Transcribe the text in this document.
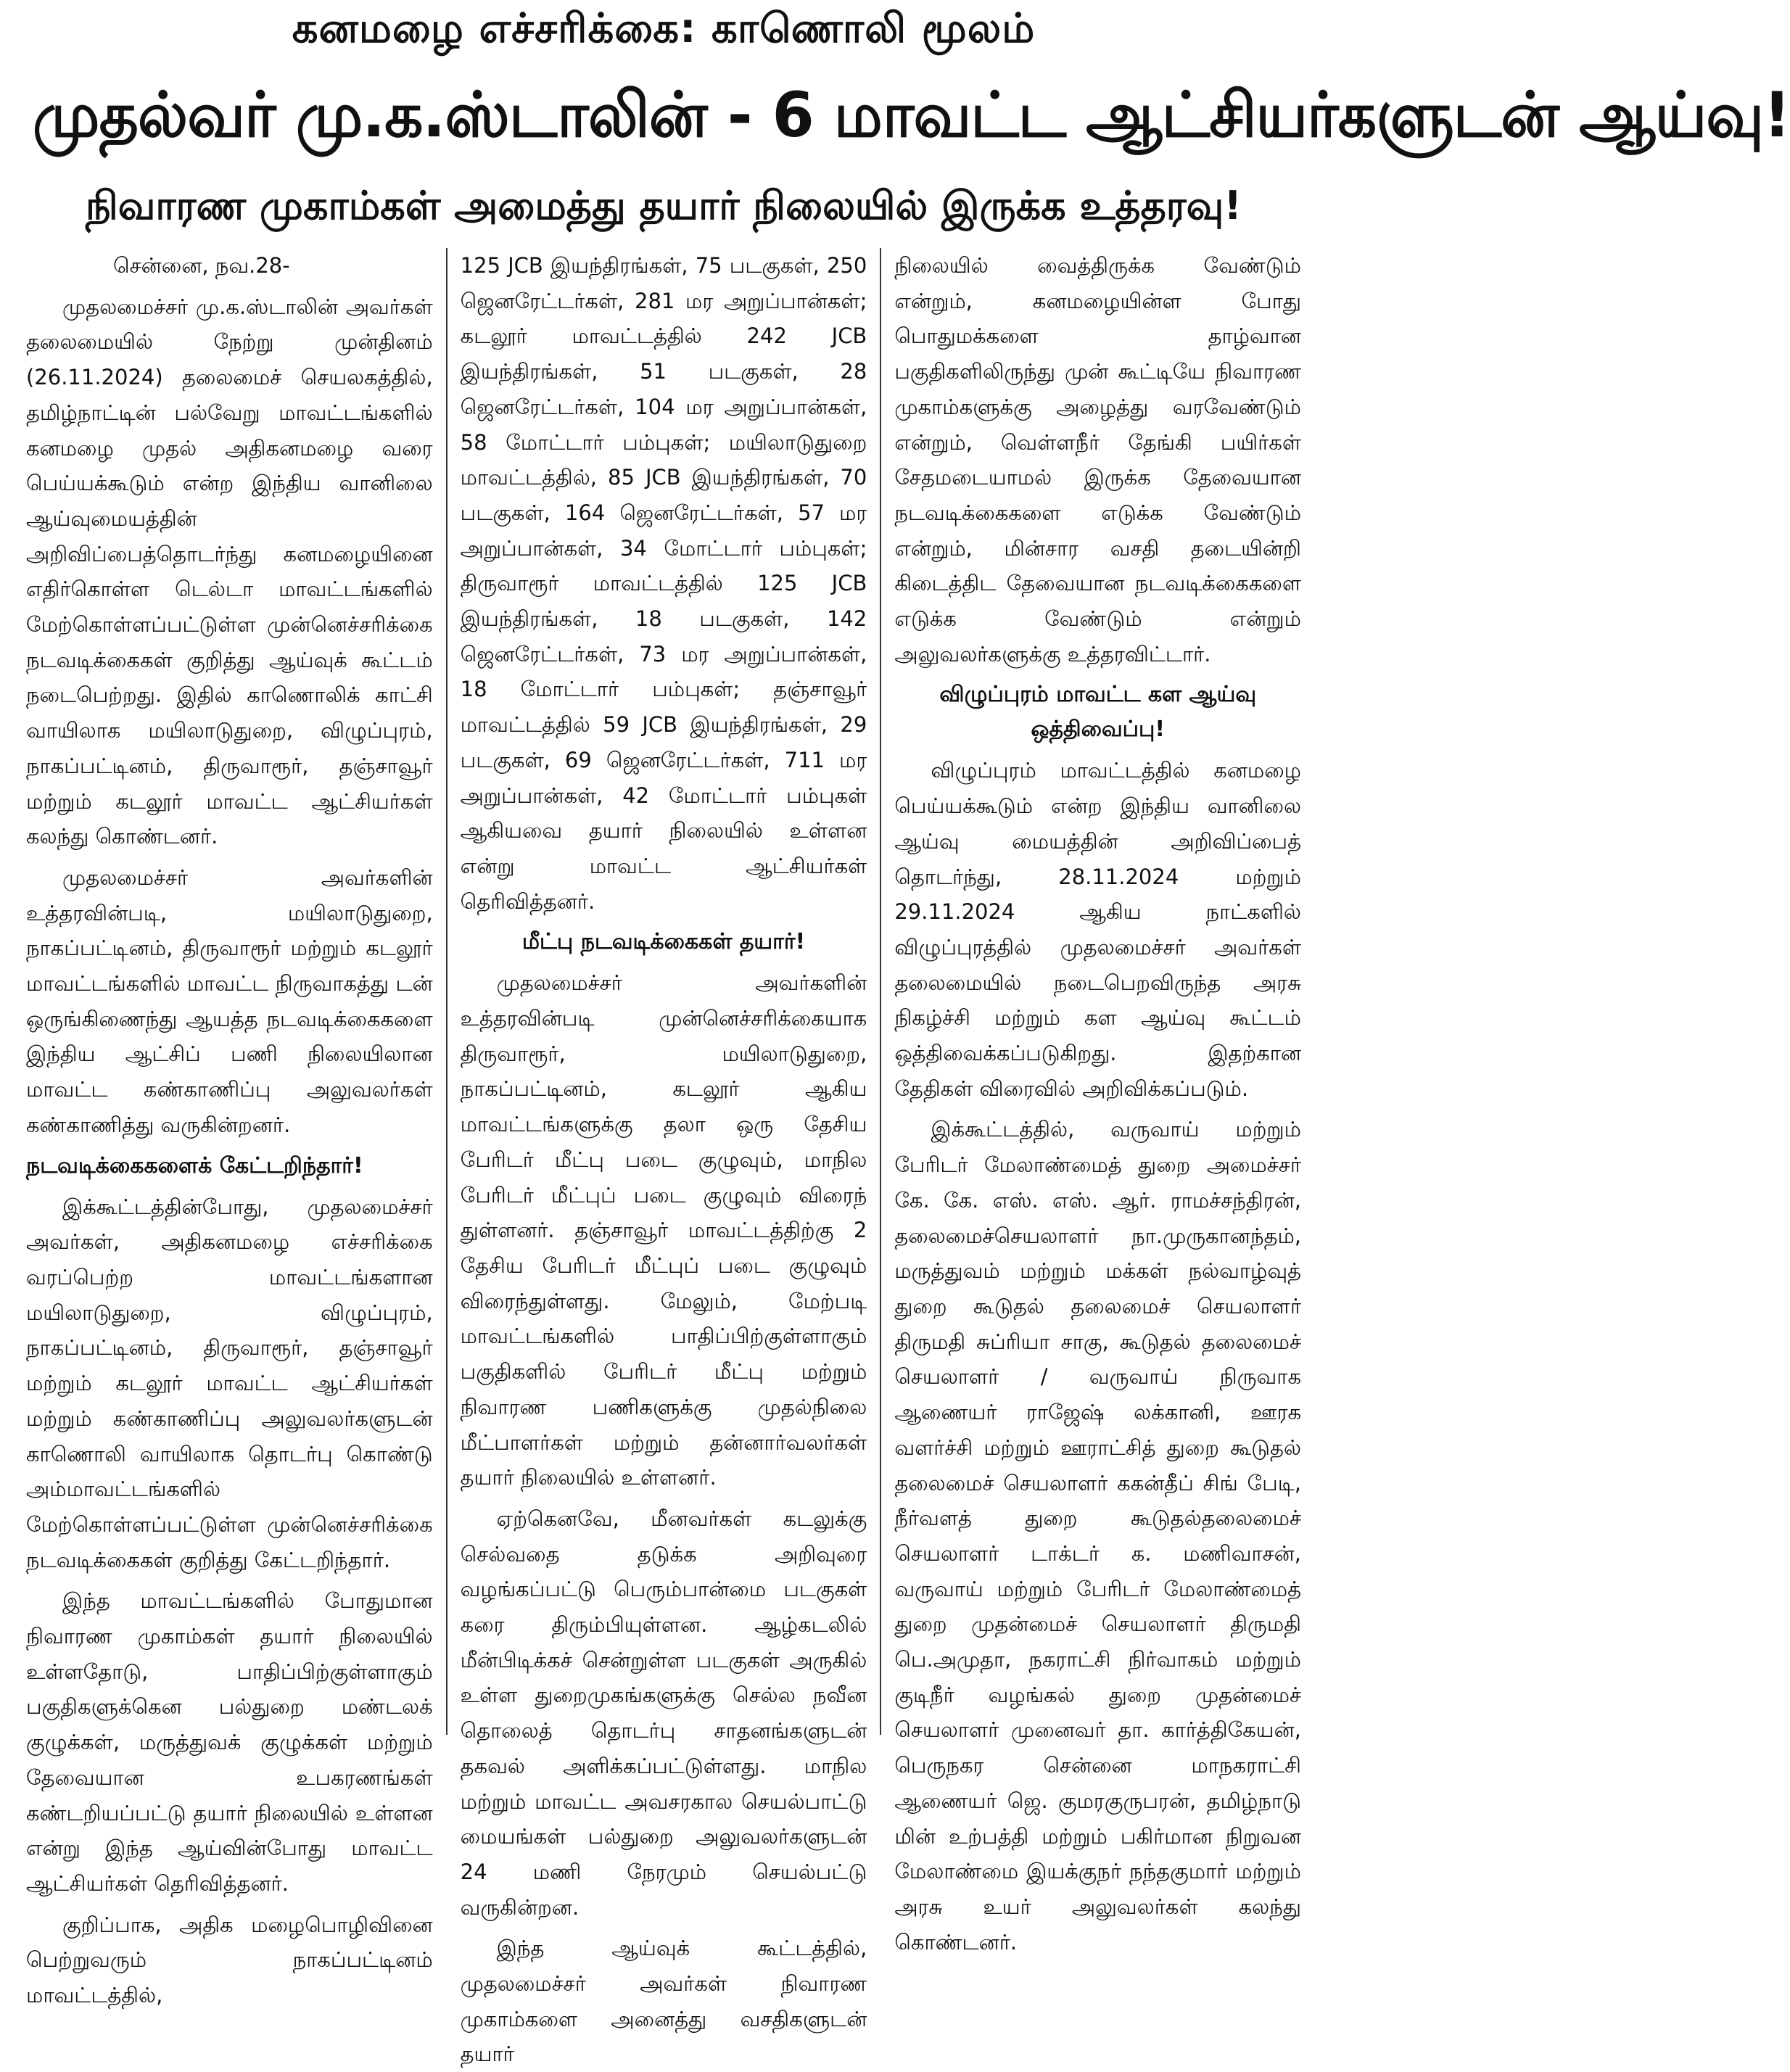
கனமழை எச்சரிக்கை: காணொலி மூலம்
முதல்வர் மு.க.ஸ்டாலின் - 6 மாவட்ட ஆட்சியர்களுடன் ஆய்வு!
நிவாரண முகாம்கள் அமைத்து தயார் நிலையில் இருக்க உத்தரவு!

சென்னை, நவ.28-

முதலமைச்சர் மு.க.ஸ்டாலின் அவர்கள் தலைமையில் நேற்று முன்தினம் (26.11.2024) தலைமைச் செயலகத்தில், தமிழ்நாட்டின் பல்வேறு மாவட்டங்களில் கனமழை முதல் அதிகனமழை வரை பெய்யக்கூடும் என்ற இந்திய வானிலை ஆய்வுமையத்தின் அறிவிப்பைத்தொடர்ந்து கனமழையினை எதிர்கொள்ள டெல்டா மாவட்டங்களில் மேற்கொள்ளப்பட்டுள்ள முன்னெச்சரிக்கை நடவடிக்கைகள் குறித்து ஆய்வுக் கூட்டம் நடைபெற்றது. இதில் காணொலிக் காட்சி வாயிலாக மயிலாடுதுறை, விழுப்புரம், நாகப்பட்டினம், திருவாரூர், தஞ்சாவூர் மற்றும் கடலூர் மாவட்ட ஆட்சியர்கள் கலந்து கொண்டனர்.

முதலமைச்சர் அவர்களின் உத்தரவின்படி, மயிலாடுதுறை, நாகப்பட்டினம், திருவாரூர் மற்றும் கடலூர் மாவட்டங்களில் மாவட்ட நிருவாகத்து டன் ஒருங்கிணைந்து ஆயத்த நடவடிக்கைகளை இந்திய ஆட்சிப் பணி நிலையிலான மாவட்ட கண்காணிப்பு அலுவலர்கள் கண்காணித்து வருகின்றனர்.

நடவடிக்கைகளைக் கேட்டறிந்தார்!

இக்கூட்டத்தின்போது, முதலமைச்சர் அவர்கள், அதிகனமழை எச்சரிக்கை வரப்பெற்ற மாவட்டங்களான மயிலாடுதுறை, விழுப்புரம், நாகப்பட்டினம், திருவாரூர், தஞ்சாவூர் மற்றும் கடலூர் மாவட்ட ஆட்சியர்கள் மற்றும் கண்காணிப்பு அலுவலர்களுடன் காணொலி வாயிலாக தொடர்பு கொண்டு அம்மாவட்டங்களில் மேற்கொள்ளப்பட்டுள்ள முன்னெச்சரிக்கை நடவடிக்கைகள் குறித்து கேட்டறிந்தார்.

இந்த மாவட்டங்களில் போதுமான நிவாரண முகாம்கள் தயார் நிலையில் உள்ளதோடு, பாதிப்பிற்குள்ளாகும் பகுதிகளுக்கென பல்துறை மண்டலக் குழுக்கள், மருத்துவக் குழுக்கள் மற்றும் தேவையான உபகரணங்கள் கண்டறியப்பட்டு தயார் நிலையில் உள்ளன என்று இந்த ஆய்வின்போது மாவட்ட ஆட்சியர்கள் தெரிவித்தனர்.

குறிப்பாக, அதிக மழைபொழிவினை பெற்றுவரும் நாகப்பட்டினம் மாவட்டத்தில்,

125 JCB இயந்திரங்கள், 75 படகுகள், 250 ஜெனரேட்டர்கள், 281 மர அறுப்பான்கள்; கடலூர் மாவட்டத்தில் 242 JCB இயந்திரங்கள், 51 படகுகள், 28 ஜெனரேட்டர்கள், 104 மர அறுப்பான்கள், 58 மோட்டார் பம்புகள்; மயிலாடுதுறை மாவட்டத்தில், 85 JCB இயந்திரங்கள், 70 படகுகள், 164 ஜெனரேட்டர்கள், 57 மர அறுப்பான்கள், 34 மோட்டார் பம்புகள்; திருவாரூர் மாவட்டத்தில் 125 JCB இயந்திரங்கள், 18 படகுகள், 142 ஜெனரேட்டர்கள், 73 மர அறுப்பான்கள், 18 மோட்டார் பம்புகள்; தஞ்சாவூர் மாவட்டத்தில் 59 JCB இயந்திரங்கள், 29 படகுகள், 69 ஜெனரேட்டர்கள், 711 மர அறுப்பான்கள், 42 மோட்டார் பம்புகள் ஆகியவை தயார் நிலையில் உள்ளன என்று மாவட்ட ஆட்சியர்கள் தெரிவித்தனர்.

மீட்பு நடவடிக்கைகள் தயார்!

முதலமைச்சர் அவர்களின் உத்தரவின்படி முன்னெச்சரிக்கையாக திருவாரூர், மயிலாடுதுறை, நாகப்பட்டினம், கடலூர் ஆகிய மாவட்டங்களுக்கு தலா ஒரு தேசிய பேரிடர் மீட்பு படை குழுவும், மாநில பேரிடர் மீட்புப் படை குழுவும் விரைந் துள்ளனர். தஞ்சாவூர் மாவட்டத்திற்கு 2 தேசிய பேரிடர் மீட்புப் படை குழுவும் விரைந்துள்ளது. மேலும், மேற்படி மாவட்டங்களில் பாதிப்பிற்குள்ளாகும் பகுதிகளில் பேரிடர் மீட்பு மற்றும் நிவாரண பணிகளுக்கு முதல்நிலை மீட்பாளர்கள் மற்றும் தன்னார்வலர்கள் தயார் நிலையில் உள்ளனர்.

ஏற்கெனவே, மீனவர்கள் கடலுக்கு செல்வதை தடுக்க அறிவுரை வழங்கப்பட்டு பெரும்பான்மை படகுகள் கரை திரும்பியுள்ளன. ஆழ்கடலில் மீன்பிடிக்கச் சென்றுள்ள படகுகள் அருகில் உள்ள துறைமுகங்களுக்கு செல்ல நவீன தொலைத் தொடர்பு சாதனங்களுடன் தகவல் அளிக்கப்பட்டுள்ளது. மாநில மற்றும் மாவட்ட அவசரகால செயல்பாட்டு மையங்கள் பல்துறை அலுவலர்களுடன் 24 மணி நேரமும் செயல்பட்டு வருகின்றன.

இந்த ஆய்வுக் கூட்டத்தில், முதலமைச்சர் அவர்கள் நிவாரண முகாம்களை அனைத்து வசதிகளுடன் தயார்

நிலையில் வைத்திருக்க வேண்டும் என்றும், கனமழையின்ள போது பொதுமக்களை தாழ்வான பகுதிகளிலிருந்து முன் கூட்டியே நிவாரண முகாம்களுக்கு அழைத்து வரவேண்டும் என்றும், வெள்ளநீர் தேங்கி பயிர்கள் சேதமடையாமல் இருக்க தேவையான நடவடிக்கைகளை எடுக்க வேண்டும் என்றும், மின்சார வசதி தடையின்றி கிடைத்திட தேவையான நடவடிக்கைகளை எடுக்க வேண்டும் என்றும் அலுவலர்களுக்கு உத்தரவிட்டார்.

விழுப்புரம் மாவட்ட கள ஆய்வு ஒத்திவைப்பு!

விழுப்புரம் மாவட்டத்தில் கனமழை பெய்யக்கூடும் என்ற இந்திய வானிலை ஆய்வு மையத்தின் அறிவிப்பைத் தொடர்ந்து, 28.11.2024 மற்றும் 29.11.2024 ஆகிய நாட்களில் விழுப்புரத்தில் முதலமைச்சர் அவர்கள் தலைமையில் நடைபெறவிருந்த அரசு நிகழ்ச்சி மற்றும் கள ஆய்வு கூட்டம் ஒத்திவைக்கப்படுகிறது. இதற்கான தேதிகள் விரைவில் அறிவிக்கப்படும்.

இக்கூட்டத்தில், வருவாய் மற்றும் பேரிடர் மேலாண்மைத் துறை அமைச்சர் கே. கே. எஸ். எஸ். ஆர். ராமச்சந்திரன், தலைமைச்செயலாளர் நா.முருகானந்தம், மருத்துவம் மற்றும் மக்கள் நல்வாழ்வுத் துறை கூடுதல் தலைமைச் செயலாளர் திருமதி சுப்ரியா சாகு, கூடுதல் தலைமைச் செயலாளர் / வருவாய் நிருவாக ஆணையர் ராஜேஷ் லக்கானி, ஊரக வளர்ச்சி மற்றும் ஊராட்சித் துறை கூடுதல் தலைமைச் செயலாளர் ககன்தீப் சிங் பேடி, நீர்வளத் துறை கூடுதல்தலைமைச் செயலாளர் டாக்டர் க. மணிவாசன், வருவாய் மற்றும் பேரிடர் மேலாண்மைத் துறை முதன்மைச் செயலாளர் திருமதி பெ.அமுதா, நகராட்சி நிர்வாகம் மற்றும் குடிநீர் வழங்கல் துறை முதன்மைச் செயலாளர் முனைவர் தா. கார்த்திகேயன், பெருநகர சென்னை மாநகராட்சி ஆணையர் ஜெ. குமரகுருபரன், தமிழ்நாடு மின் உற்பத்தி மற்றும் பகிர்மான நிறுவன மேலாண்மை இயக்குநர் நந்தகுமார் மற்றும் அரசு உயர் அலுவலர்கள் கலந்து கொண்டனர்.
